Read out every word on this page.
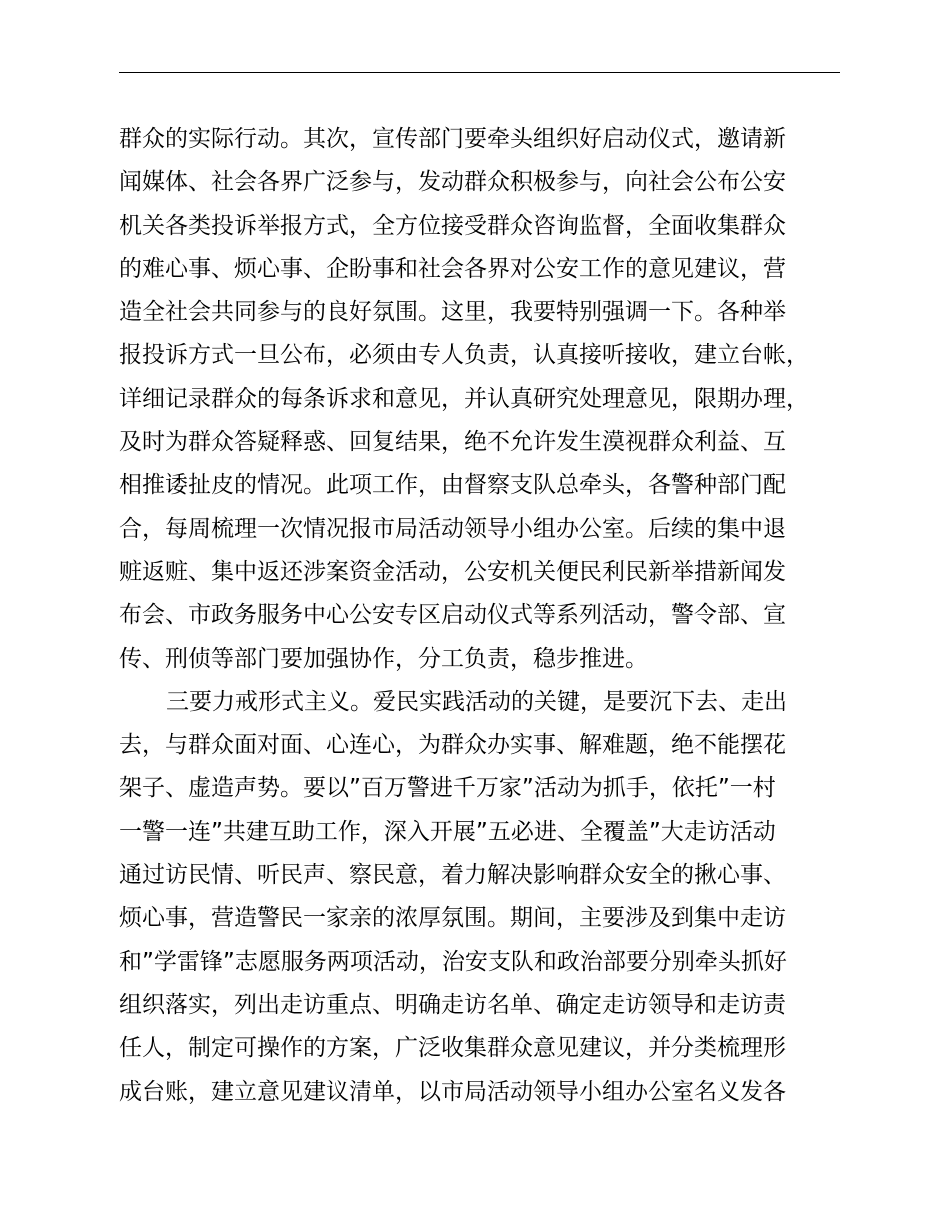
群众的实际行动。其次，宣传部门要牵头组织好启动仪式，邀请新
闻媒体、社会各界广泛参与，发动群众积极参与，向社会公布公安
机关各类投诉举报方式，全方位接受群众咨询监督，全面收集群众
的难心事、烦心事、企盼事和社会各界对公安工作的意见建议，营
造全社会共同参与的良好氛围。这里，我要特别强调一下。各种举
报投诉方式一旦公布，必须由专人负责，认真接听接收，建立台帐，
详细记录群众的每条诉求和意见，并认真研究处理意见，限期办理，
及时为群众答疑释惑、回复结果，绝不允许发生漠视群众利益、互
相推诿扯皮的情况。此项工作，由督察支队总牵头，各警种部门配
合，每周梳理一次情况报市局活动领导小组办公室。后续的集中退
赃返赃、集中返还涉案资金活动，公安机关便民利民新举措新闻发
布会、市政务服务中心公安专区启动仪式等系列活动，警令部、宣
传、刑侦等部门要加强协作，分工负责，稳步推进。
三要力戒形式主义。爱民实践活动的关键，是要沉下去、走出
去，与群众面对面、心连心，为群众办实事、解难题，绝不能摆花
架子、虚造声势。要以”百万警进千万家”活动为抓手，依托”一村
一警一连”共建互助工作，深入开展”五必进、全覆盖”大走访活动
通过访民情、听民声、察民意，着力解决影响群众安全的揪心事、
烦心事，营造警民一家亲的浓厚氛围。期间，主要涉及到集中走访
和”学雷锋”志愿服务两项活动，治安支队和政治部要分别牵头抓好
组织落实，列出走访重点、明确走访名单、确定走访领导和走访责
任人，制定可操作的方案，广泛收集群众意见建议，并分类梳理形
成台账，建立意见建议清单，以市局活动领导小组办公室名义发各
